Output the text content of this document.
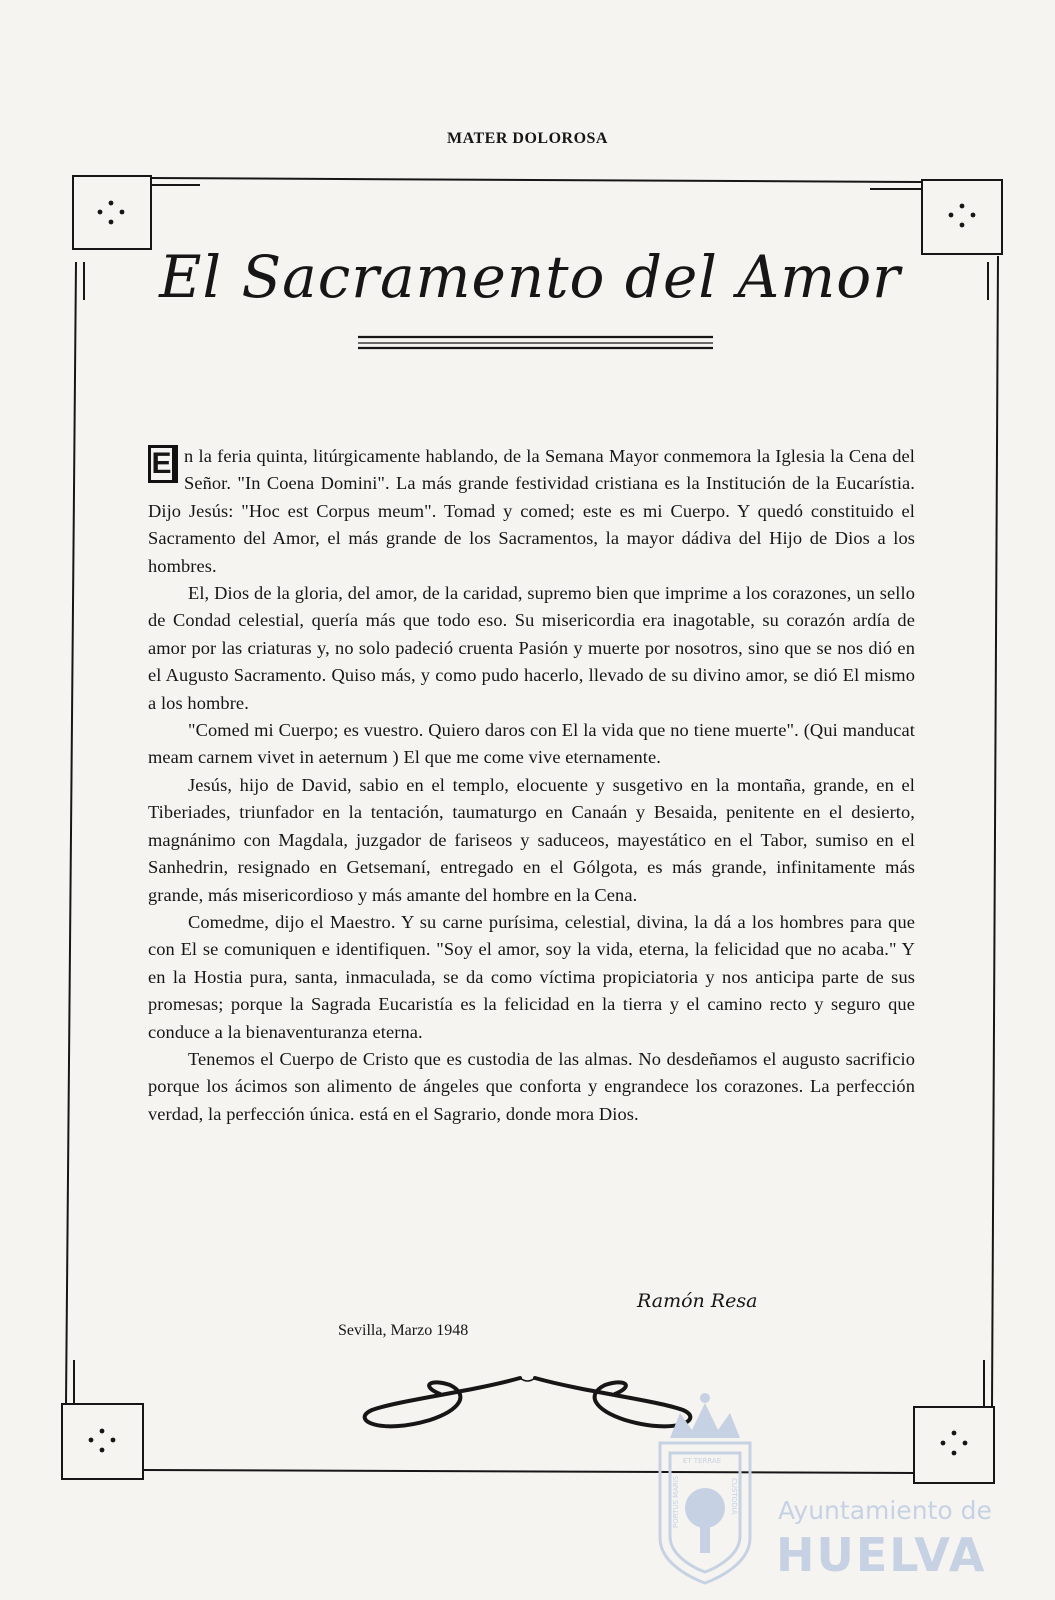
MATER DOLOROSA
El Sacramento del Amor

E n la feria quinta, litúrgicamente hablando, de la Semana Mayor conmemora la Iglesia la Cena del Señor. "In Coena Domini". La más grande festividad cristiana es la Institución de la Eucarístia. Dijo Jesús: "Hoc est Corpus meum". Tomad y comed; este es mi Cuerpo. Y quedó constituido el Sacramento del Amor, el más grande de los Sacramentos, la mayor dádiva del Hijo de Dios a los hombres.

El, Dios de la gloria, del amor, de la caridad, supremo bien que imprime a los corazones, un sello de Condad celestial, quería más que todo eso. Su misericordia era inagotable, su corazón ardía de amor por las criaturas y, no solo padeció cruenta Pasión y muerte por nosotros, sino que se nos dió en el Augusto Sacramento. Quiso más, y como pudo hacerlo, llevado de su divino amor, se dió El mismo a los hombre.

"Comed mi Cuerpo; es vuestro. Quiero daros con El la vida que no tiene muerte". (Qui manducat meam carnem vivet in aeternum ) El que me come vive eternamente.

Jesús, hijo de David, sabio en el templo, elocuente y susgetivo en la montaña, grande, en el Tiberiades, triunfador en la tentación, taumaturgo en Canaán y Besaida, penitente en el desierto, magnánimo con Magdala, juzgador de fariseos y saduceos, mayestático en el Tabor, sumiso en el Sanhedrin, resignado en Getsemaní, entregado en el Gólgota, es más grande, infinitamente más grande, más misericordioso y más amante del hombre en la Cena.

Comedme, dijo el Maestro. Y su carne purísima, celestial, divina, la dá a los hombres para que con El se comuniquen e identifiquen. "Soy el amor, soy la vida, eterna, la felicidad que no acaba." Y en la Hostia pura, santa, inmaculada, se da como víctima propiciatoria y nos anticipa parte de sus promesas; porque la Sagrada Eucaristía es la felicidad en la tierra y el camino recto y seguro que conduce a la bienaventuranza eterna.

Tenemos el Cuerpo de Cristo que es custodia de las almas. No desdeñamos el augusto sacrificio porque los ácimos son alimento de ángeles que conforta y engrandece los corazones. La perfección verdad, la perfección única. está en el Sagrario, donde mora Dios.

Ramón Resa
Sevilla, Marzo 1948
ET TERRAE
PORTUS MARIS	CUSTODIA Ayuntamiento de
HUELVA
